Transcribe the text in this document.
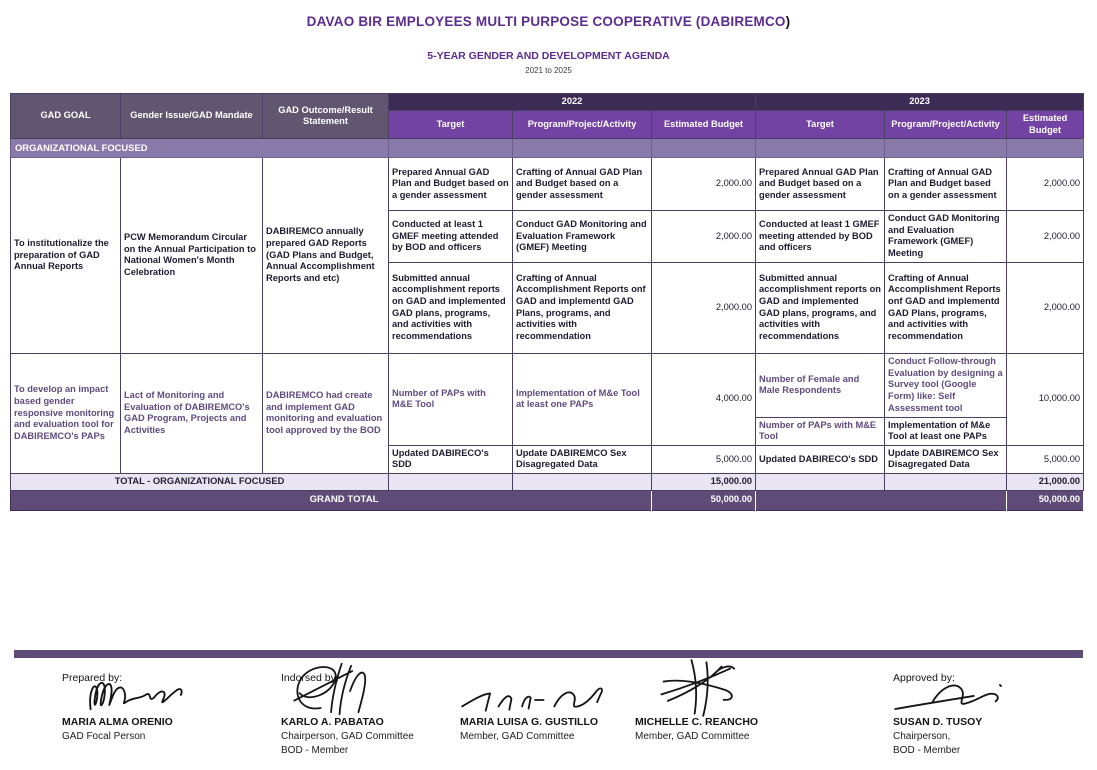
DAVAO BIR EMPLOYEES MULTI PURPOSE COOPERATIVE (DABIREMCO)
5-YEAR GENDER AND DEVELOPMENT AGENDA
2021 to 2025
GAD GOAL	Gender Issue/GAD Mandate	GAD Outcome/Result Statement	2022			2023		
			Target	Program/Project/Activity	Estimated Budget	Target	Program/Project/Activity	Estimated Budget
ORGANIZATIONAL FOCUSED								
To institutionalize the preparation of GAD Annual Reports	PCW Memorandum Circular on the Annual Participation to National Women's Month Celebration	DABIREMCO annually prepared GAD Reports (GAD Plans and Budget, Annual Accomplishment Reports and etc)	Prepared Annual GAD Plan and Budget based on a gender assessment	Crafting of Annual GAD Plan and Budget based on a gender assessment	2,000.00	Prepared Annual GAD Plan and Budget based on a gender assessment	Crafting of Annual GAD Plan and Budget based on a gender assessment	2,000.00
			Conducted at least 1 GMEF meeting attended by BOD and officers	Conduct GAD Monitoring and Evaluation Framework (GMEF) Meeting	2,000.00	Conducted at least 1 GMEF meeting attended by BOD and officers	Conduct GAD Monitoring and Evaluation Framework (GMEF) Meeting	2,000.00
			Submitted annual accomplishment reports on GAD and implemented GAD plans, programs, and activities with recommendations	Crafting of Annual Accomplishment Reports onf GAD and implementd GAD Plans, programs, and activities with recommendation	2,000.00	Submitted annual accomplishment reports on GAD and implemented GAD plans, programs, and activities with recommendations	Crafting of Annual Accomplishment Reports onf GAD and implementd GAD Plans, programs, and activities with recommendation	2,000.00
To develop an impact based gender responsive monitoring and evaluation tool for DABIREMCO's PAPs	Lact of Monitoring and Evaluation of DABIREMCO's GAD Program, Projects and Activities	DABIREMCO had create and implement GAD monitoring and evaluation tool approved by the BOD	Number of PAPs with M&E Tool	Implementation of M&e Tool at least one PAPs	4,000.00	Number of Female and Male Respondents	Conduct Follow-through Evaluation by designing a Survey tool (Google Form) like: Self Assessment tool	10,000.00
						Number of PAPs with M&E Tool	Implementation of M&e Tool at least one PAPs	
			Updated DABIRECO's SDD	Update DABIREMCO Sex Disagregated Data	5,000.00	Updated DABIRECO's SDD	Update DABIREMCO Sex Disagregated Data	5,000.00
TOTAL - ORGANIZATIONAL FOCUSED					15,000.00			21,000.00
GRAND TOTAL					50,000.00			50,000.00
Prepared by:
MARIA ALMA ORENIO
GAD Focal Person
Indorsed by:
KARLO A. PABATAO
Chairperson, GAD Committee
BOD - Member
MARIA LUISA G. GUSTILLO
Member, GAD Committee
MICHELLE C. REANCHO
Member, GAD Committee
Approved by:
SUSAN D. TUSOY
Chairperson,
BOD - Member
